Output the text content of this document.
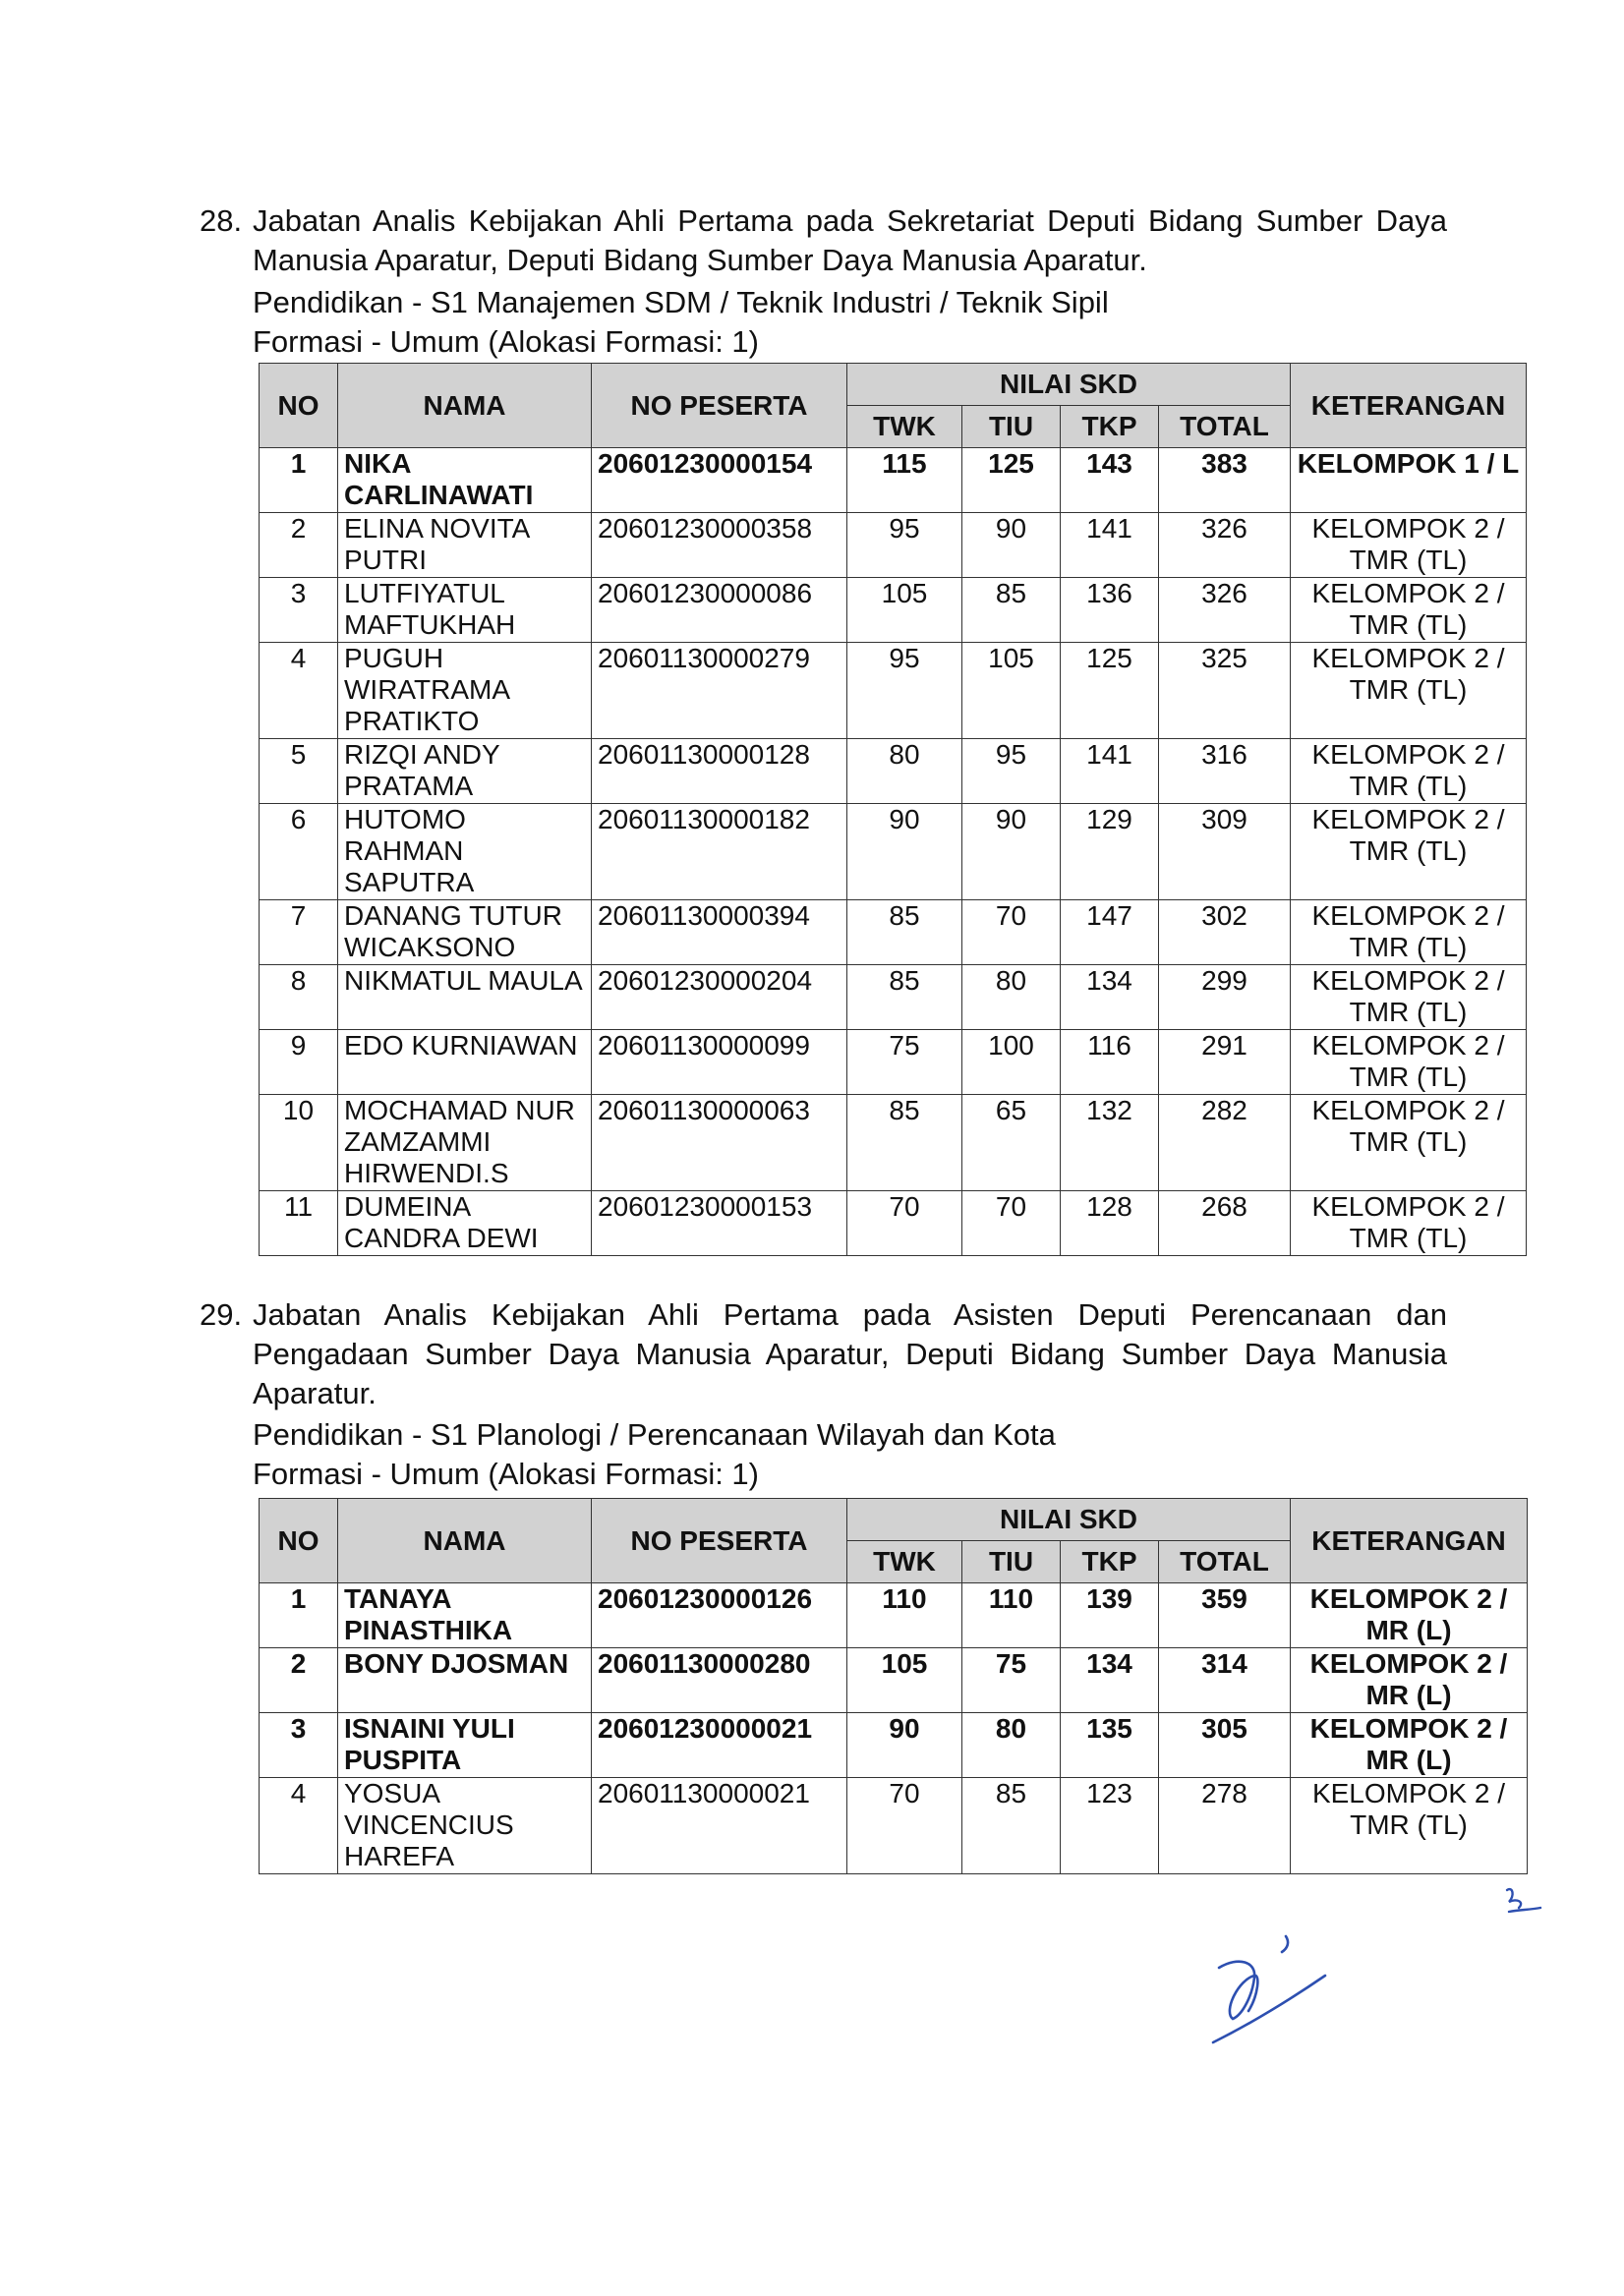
28. Jabatan Analis Kebijakan Ahli Pertama pada Sekretariat Deputi Bidang Sumber Daya Manusia Aparatur, Deputi Bidang Sumber Daya Manusia Aparatur.
Pendidikan - S1 Manajemen SDM / Teknik Industri / Teknik Sipil
Formasi - Umum (Alokasi Formasi: 1)
NO	NAMA	NO PESERTA	NILAI SKD				KETERANGAN
			TWK	TIU	TKP	TOTAL	
1	NIKA CARLINAWATI	20601230000154	115	125	143	383	KELOMPOK 1 / L
2	ELINA NOVITA PUTRI	20601230000358	95	90	141	326	KELOMPOK 2 / TMR (TL)
3	LUTFIYATUL MAFTUKHAH	20601230000086	105	85	136	326	KELOMPOK 2 / TMR (TL)
4	PUGUH WIRATRAMA PRATIKTO	20601130000279	95	105	125	325	KELOMPOK 2 / TMR (TL)
5	RIZQI ANDY PRATAMA	20601130000128	80	95	141	316	KELOMPOK 2 / TMR (TL)
6	HUTOMO RAHMAN SAPUTRA	20601130000182	90	90	129	309	KELOMPOK 2 / TMR (TL)
7	DANANG TUTUR WICAKSONO	20601130000394	85	70	147	302	KELOMPOK 2 / TMR (TL)
8	NIKMATUL MAULA	20601230000204	85	80	134	299	KELOMPOK 2 / TMR (TL)
9	EDO KURNIAWAN	20601130000099	75	100	116	291	KELOMPOK 2 / TMR (TL)
10	MOCHAMAD NUR ZAMZAMMI HIRWENDI.S	20601130000063	85	65	132	282	KELOMPOK 2 / TMR (TL)
11	DUMEINA CANDRA DEWI	20601230000153	70	70	128	268	KELOMPOK 2 / TMR (TL)
29. Jabatan Analis Kebijakan Ahli Pertama pada Asisten Deputi Perencanaan dan Pengadaan Sumber Daya Manusia Aparatur, Deputi Bidang Sumber Daya Manusia Aparatur.
Pendidikan - S1 Planologi / Perencanaan Wilayah dan Kota
Formasi - Umum (Alokasi Formasi: 1)
NO	NAMA	NO PESERTA	NILAI SKD				KETERANGAN
			TWK	TIU	TKP	TOTAL	
1	TANAYA PINASTHIKA	20601230000126	110	110	139	359	KELOMPOK 2 / MR (L)
2	BONY DJOSMAN	20601130000280	105	75	134	314	KELOMPOK 2 / MR (L)
3	ISNAINI YULI PUSPITA	20601230000021	90	80	135	305	KELOMPOK 2 / MR (L)
4	YOSUA VINCENCIUS HAREFA	20601130000021	70	85	123	278	KELOMPOK 2 / TMR (TL)
